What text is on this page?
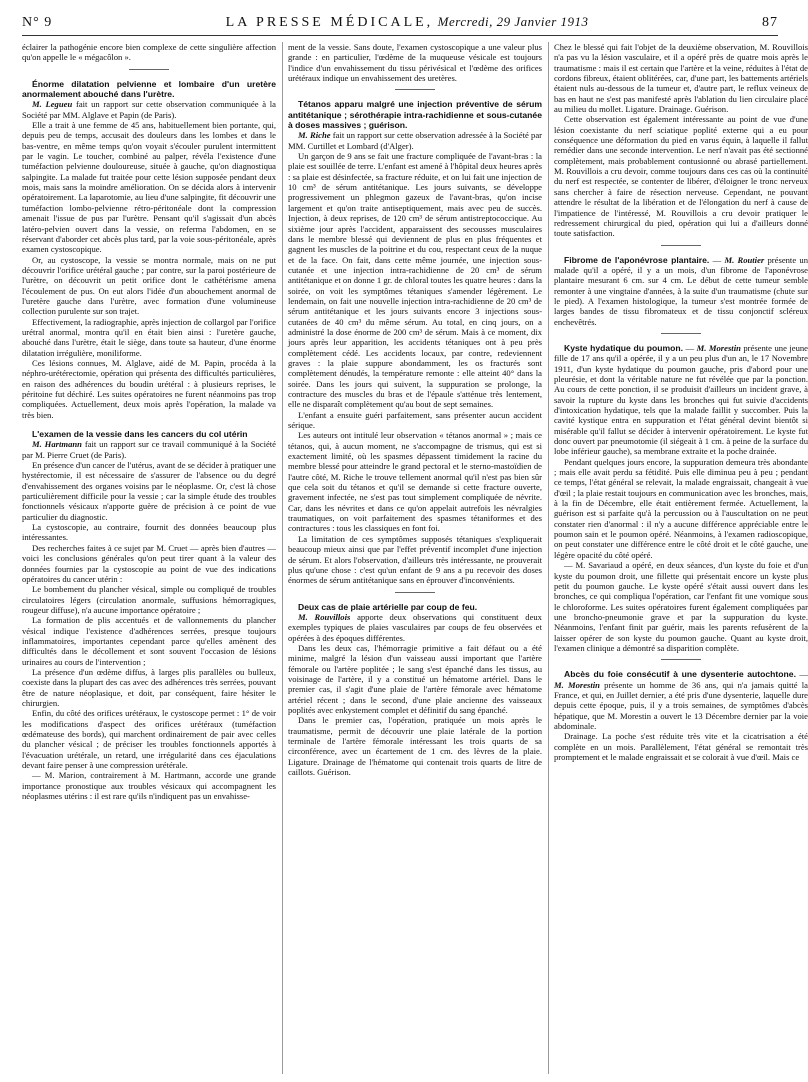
N° 9	LA PRESSE MÉDICALE, Mercredi, 29 Janvier 1913	87

éclairer la pathogénie encore bien complexe de cette singulière affection qu'on appelle le « mégacôlon ».

Énorme dilatation pelvienne et lombaire d'un uretère anormalement abouché dans l'urètre.

M. Legueu fait un rapport sur cette observation communiquée à la Société par MM. Alglave et Papin (de Paris).

Elle a trait à une femme de 45 ans, habituellement bien portante, qui, depuis peu de temps, accusait des douleurs dans les lombes et dans le bas-ventre, en même temps qu'on voyait s'écouler purulent intermittent par le vagin. Le toucher, combiné au palper, révéla l'existence d'une tuméfaction pelvienne douloureuse, située à gauche, qu'on diagnostiqua salpingite. La malade fut traitée pour cette lésion supposée pendant deux mois, mais sans la moindre amélioration. On se décida alors à intervenir opératoirement. La laparotomie, au lieu d'une salpingite, fit découvrir une tuméfaction lombo-pelvienne rétro-péritonéale dont la compression amenait l'issue de pus par l'urètre. Pensant qu'il s'agissait d'un abcès latéro-pelvien ouvert dans la vessie, on referma l'abdomen, en se réservant d'aborder cet abcès plus tard, par la voie sous-péritonéale, après examen cystoscopique.

Or, au cystoscope, la vessie se montra normale, mais on ne put découvrir l'orifice urétéral gauche ; par contre, sur la paroi postérieure de l'urètre, on découvrit un petit orifice dont le cathétérisme amena l'écoulement de pus. On eut alors l'idée d'un abouchement anormal de l'uretère gauche dans l'urètre, avec formation d'une volumineuse collection purulente sur son trajet.

Effectivement, la radiographie, après injection de collargol par l'orifice urétral anormal, montra qu'il en était bien ainsi : l'uretère gauche, abouché dans l'urètre, était le siège, dans toute sa hauteur, d'une énorme dilatation irrégulière, moniliforme.

Ces lésions connues, M. Alglave, aidé de M. Papin, procéda à la néphro-urétérectomie, opération qui présenta des difficultés particulières, en raison des adhérences du boudin urétéral : à plusieurs reprises, le péritoine fut déchiré. Les suites opératoires ne furent néanmoins pas trop compliquées. Actuellement, deux mois après l'opération, la malade va très bien.

L'examen de la vessie dans les cancers du col utérin

M. Hartmann fait un rapport sur ce travail communiqué à la Société par M. Pierre Cruet (de Paris).

En présence d'un cancer de l'utérus, avant de se décider à pratiquer une hystérectomie, il est nécessaire de s'assurer de l'absence ou du degré d'envahissement des organes voisins par le néoplasme. Or, c'est là chose particulièrement difficile pour la vessie ; car la simple étude des troubles fonctionnels vésicaux n'apporte guère de précision à ce point de vue particulier du diagnostic.

La cystoscopie, au contraire, fournit des données beaucoup plus intéressantes.

Des recherches faites à ce sujet par M. Cruet — après bien d'autres — voici les conclusions générales qu'on peut tirer quant à la valeur des données fournies par la cystoscopie au point de vue des indications opératoires du cancer utérin :

Le bombement du plancher vésical, simple ou compliqué de troubles circulatoires légers (circulation anormale, suffusions hémorragiques, rougeur diffuse), n'a aucune importance opératoire ;

La formation de plis accentués et de vallonnements du plancher vésical indique l'existence d'adhérences serrées, presque toujours inflammatoires, importantes cependant parce qu'elles amènent des difficultés dans le décollement et sont souvent l'occasion de lésions urinaires au cours de l'intervention ;

La présence d'un œdème diffus, à larges plis parallèles ou bulleux, coexiste dans la plupart des cas avec des adhérences très serrées, pouvant être de nature néoplasique, et doit, par conséquent, faire hésiter le chirurgien.

Enfin, du côté des orifices urétéraux, le cystoscope permet : 1° de voir les modifications d'aspect des orifices urétéraux (tuméfaction œdémateuse des bords), qui marchent ordinairement de pair avec celles du plancher vésical ; de préciser les troubles fonctionnels apportés à l'évacuation urétérale, un retard, une irrégularité dans ces éjaculations devant faire penser à une compression urétérale.

— M. Marion, contrairement à M. Hartmann, accorde une grande importance pronostique aux troubles vésicaux qui accompagnent les néoplasmes utérins : il est rare qu'ils n'indiquent pas un envahisse-

ment de la vessie. Sans doute, l'examen cystoscopique a une valeur plus grande : en particulier, l'œdème de la muqueuse vésicale est toujours l'indice d'un envahissement du tissu périvésical et l'œdème des orifices urétéraux indique un envahissement des uretères.

Tétanos apparu malgré une injection préventive de sérum antitétanique ; sérothérapie intra-rachidienne et sous-cutanée à doses massives ; guérison.

M. Riche fait un rapport sur cette observation adressée à la Société par MM. Curtillet et Lombard (d'Alger).

Un garçon de 9 ans se fait une fracture compliquée de l'avant-bras : la plaie est souillée de terre. L'enfant est amené à l'hôpital deux heures après : sa plaie est désinfectée, sa fracture réduite, et on lui fait une injection de 10 cm³ de sérum antitétanique. Les jours suivants, se développe progressivement un phlegmon gazeux de l'avant-bras, qu'on incise largement et qu'on traite antiseptiquement, mais avec peu de succès. Injection, à deux reprises, de 120 cm³ de sérum antistreptococcique. Au sixième jour après l'accident, apparaissent des secousses musculaires dans le membre blessé qui deviennent de plus en plus fréquentes et gagnent les muscles de la poitrine et du cou, respectant ceux de la nuque et de la face. On fait, dans cette même journée, une injection sous-cutanée et une injection intra-rachidienne de 20 cm³ de sérum antitétanique et on donne 1 gr. de chloral toutes les quatre heures : dans la soirée, on voit les symptômes tétaniques s'amender légèrement. Le lendemain, on fait une nouvelle injection intra-rachidienne de 20 cm³ de sérum antitétanique et les jours suivants encore 3 injections sous-cutanées de 40 cm³ du même sérum. Au total, en cinq jours, on a administré la dose énorme de 200 cm³ de sérum. Mais à ce moment, dix jours après leur apparition, les accidents tétaniques ont à peu près complètement cédé. Les accidents locaux, par contre, redeviennent graves : la plaie suppure abondamment, les os fracturés sont complètement dénudés, la température remonte : elle atteint 40° dans la soirée. Dans les jours qui suivent, la suppuration se prolonge, la contracture des muscles du bras et de l'épaule s'atténue très lentement, elle ne disparaît complètement qu'au bout de sept semaines.

L'enfant a ensuite guéri parfaitement, sans présenter aucun accident sérique.

Les auteurs ont intitulé leur observation « tétanos anormal » ; mais ce tétanos, qui, à aucun moment, ne s'accompagne de trismus, qui est si exactement limité, où les spasmes dépassent timidement la racine du membre blessé pour atteindre le grand pectoral et le sterno-mastoïdien de l'autre côté, M. Riche le trouve tellement anormal qu'il n'est pas bien sûr que cela soit du tétanos et qu'il se demande si cette fracture ouverte, gravement infectée, ne s'est pas tout simplement compliquée de névrite. Car, dans les névrites et dans ce qu'on appelait autrefois les névralgies traumatiques, on voit parfaitement des spasmes tétaniformes et des contractures : tous les classiques en font foi.

La limitation de ces symptômes supposés tétaniques s'expliquerait beaucoup mieux ainsi que par l'effet préventif incomplet d'une injection de sérum. Et alors l'observation, d'ailleurs très intéressante, ne prouverait plus qu'une chose : c'est qu'un enfant de 9 ans a pu recevoir des doses énormes de sérum antitétanique sans en éprouver d'inconvénients.

Deux cas de plaie artérielle par coup de feu.

M. Rouvillois apporte deux observations qui constituent deux exemples typiques de plaies vasculaires par coups de feu observées et opérées à des époques différentes.

Dans les deux cas, l'hémorragie primitive a fait défaut ou a été minime, malgré la lésion d'un vaisseau aussi important que l'artère fémorale ou l'artère poplitée ; le sang s'est épanché dans les tissus, au voisinage de l'artère, il y a constitué un hématome artériel. Dans le premier cas, il s'agit d'une plaie de l'artère fémorale avec hématome artériel récent ; dans le second, d'une plaie ancienne des vaisseaux poplités avec enkystement complet et définitif du sang épanché.

Dans le premier cas, l'opération, pratiquée un mois après le traumatisme, permit de découvrir une plaie latérale de la portion terminale de l'artère fémorale intéressant les trois quarts de sa circonférence, avec un écartement de 1 cm. des lèvres de la plaie. Ligature. Drainage de l'hématome qui contenait trois quarts de litre de caillots. Guérison.

Chez le blessé qui fait l'objet de la deuxième observation, M. Rouvillois n'a pas vu la lésion vasculaire, et il a opéré près de quatre mois après le traumatisme : mais il est certain que l'artère et la veine, réduites à l'état de cordons fibreux, étaient oblitérées, car, d'une part, les battements artériels étaient nuls au-dessous de la tumeur et, d'autre part, le reflux veineux de bas en haut ne s'est pas manifesté après l'ablation du lien circulaire placé au milieu du mollet. Ligature. Drainage. Guérison.

Cette observation est également intéressante au point de vue d'une lésion coexistante du nerf sciatique poplité externe qui a eu pour conséquence une déformation du pied en varus équin, à laquelle il fallut remédier dans une seconde intervention. Le nerf n'avait pas été sectionné complètement, mais probablement contusionné ou abrasé partiellement. M. Rouvillois a cru devoir, comme toujours dans ces cas où la continuité du nerf est respectée, se contenter de libérer, d'éloigner le tronc nerveux sans chercher à faire de résection nerveuse. Cependant, ne pouvant attendre le résultat de la libération et de l'élongation du nerf à cause de l'impatience de l'intéressé, M. Rouvillois a cru devoir pratiquer le redressement chirurgical du pied, opération qui lui a d'ailleurs donné toute satisfaction.

Fibrome de l'aponévrose plantaire. — M. Routier présente un malade qu'il a opéré, il y a un mois, d'un fibrome de l'aponévrose plantaire mesurant 6 cm. sur 4 cm. Le début de cette tumeur semble remonter à une vingtaine d'années, à la suite d'un traumatisme (chute sur le pied). A l'examen histologique, la tumeur s'est montrée formée de larges bandes de tissu fibromateux et de tissu conjonctif scléreux enchevêtrés.

Kyste hydatique du poumon. — M. Morestin présente une jeune fille de 17 ans qu'il a opérée, il y a un peu plus d'un an, le 17 Novembre 1911, d'un kyste hydatique du poumon gauche, pris d'abord pour une pleurésie, et dont la véritable nature ne fut révélée que par la ponction. Au cours de cette ponction, il se produisit d'ailleurs un incident grave, à savoir la rupture du kyste dans les bronches qui fut suivie d'accidents d'intoxication hydatique, tels que la malade faillit y succomber. Puis la cavité kystique entra en suppuration et l'état général devint bientôt si misérable qu'il fallut se décider à intervenir opératoirement. Le kyste fut donc ouvert par pneumotomie (il siégeait à 1 cm. à peine de la surface du lobe inférieur gauche), sa membrane extraite et la poche drainée.

Pendant quelques jours encore, la suppuration demeura très abondante ; mais elle avait perdu sa fétidité. Puis elle diminua peu à peu ; pendant ce temps, l'état général se relevait, la malade engraissait, changeait à vue d'œil ; la plaie restait toujours en communication avec les bronches, mais, à la fin de Décembre, elle était entièrement fermée. Actuellement, la guérison est si parfaite qu'à la percussion ou à l'auscultation on ne peut constater rien d'anormal : il n'y a aucune différence appréciable entre le poumon sain et le poumon opéré. Néanmoins, à l'examen radioscopique, on peut constater une différence entre le côté droit et le côté gauche, une légère opacité du côté opéré.

— M. Savariaud a opéré, en deux séances, d'un kyste du foie et d'un kyste du poumon droit, une fillette qui présentait encore un kyste plus petit du poumon gauche. Le kyste opéré s'était aussi ouvert dans les bronches, ce qui compliqua l'opération, car l'enfant fit une vomique sous le chloroforme. Les suites opératoires furent également compliquées par une broncho-pneumonie grave et par la suppuration du kyste. Néanmoins, l'enfant finit par guérir, mais les parents refusèrent de la laisser opérer de son kyste du poumon gauche. Quant au kyste droit, l'examen clinique a démontré sa disparition complète.

Abcès du foie consécutif à une dysenterie autochtone. — M. Morestin présente un homme de 36 ans, qui n'a jamais quitté la France, et qui, en Juillet dernier, a été pris d'une dysenterie, laquelle dure depuis cette époque, puis, il y a trois semaines, de symptômes d'abcès hépatique, que M. Morestin a ouvert le 13 Décembre dernier par la voie abdominale.

Drainage. La poche s'est réduite très vite et la cicatrisation a été complète en un mois. Parallèlement, l'état général se remontait très promptement et le malade engraissait et se colorait à vue d'œil. Mais ce
